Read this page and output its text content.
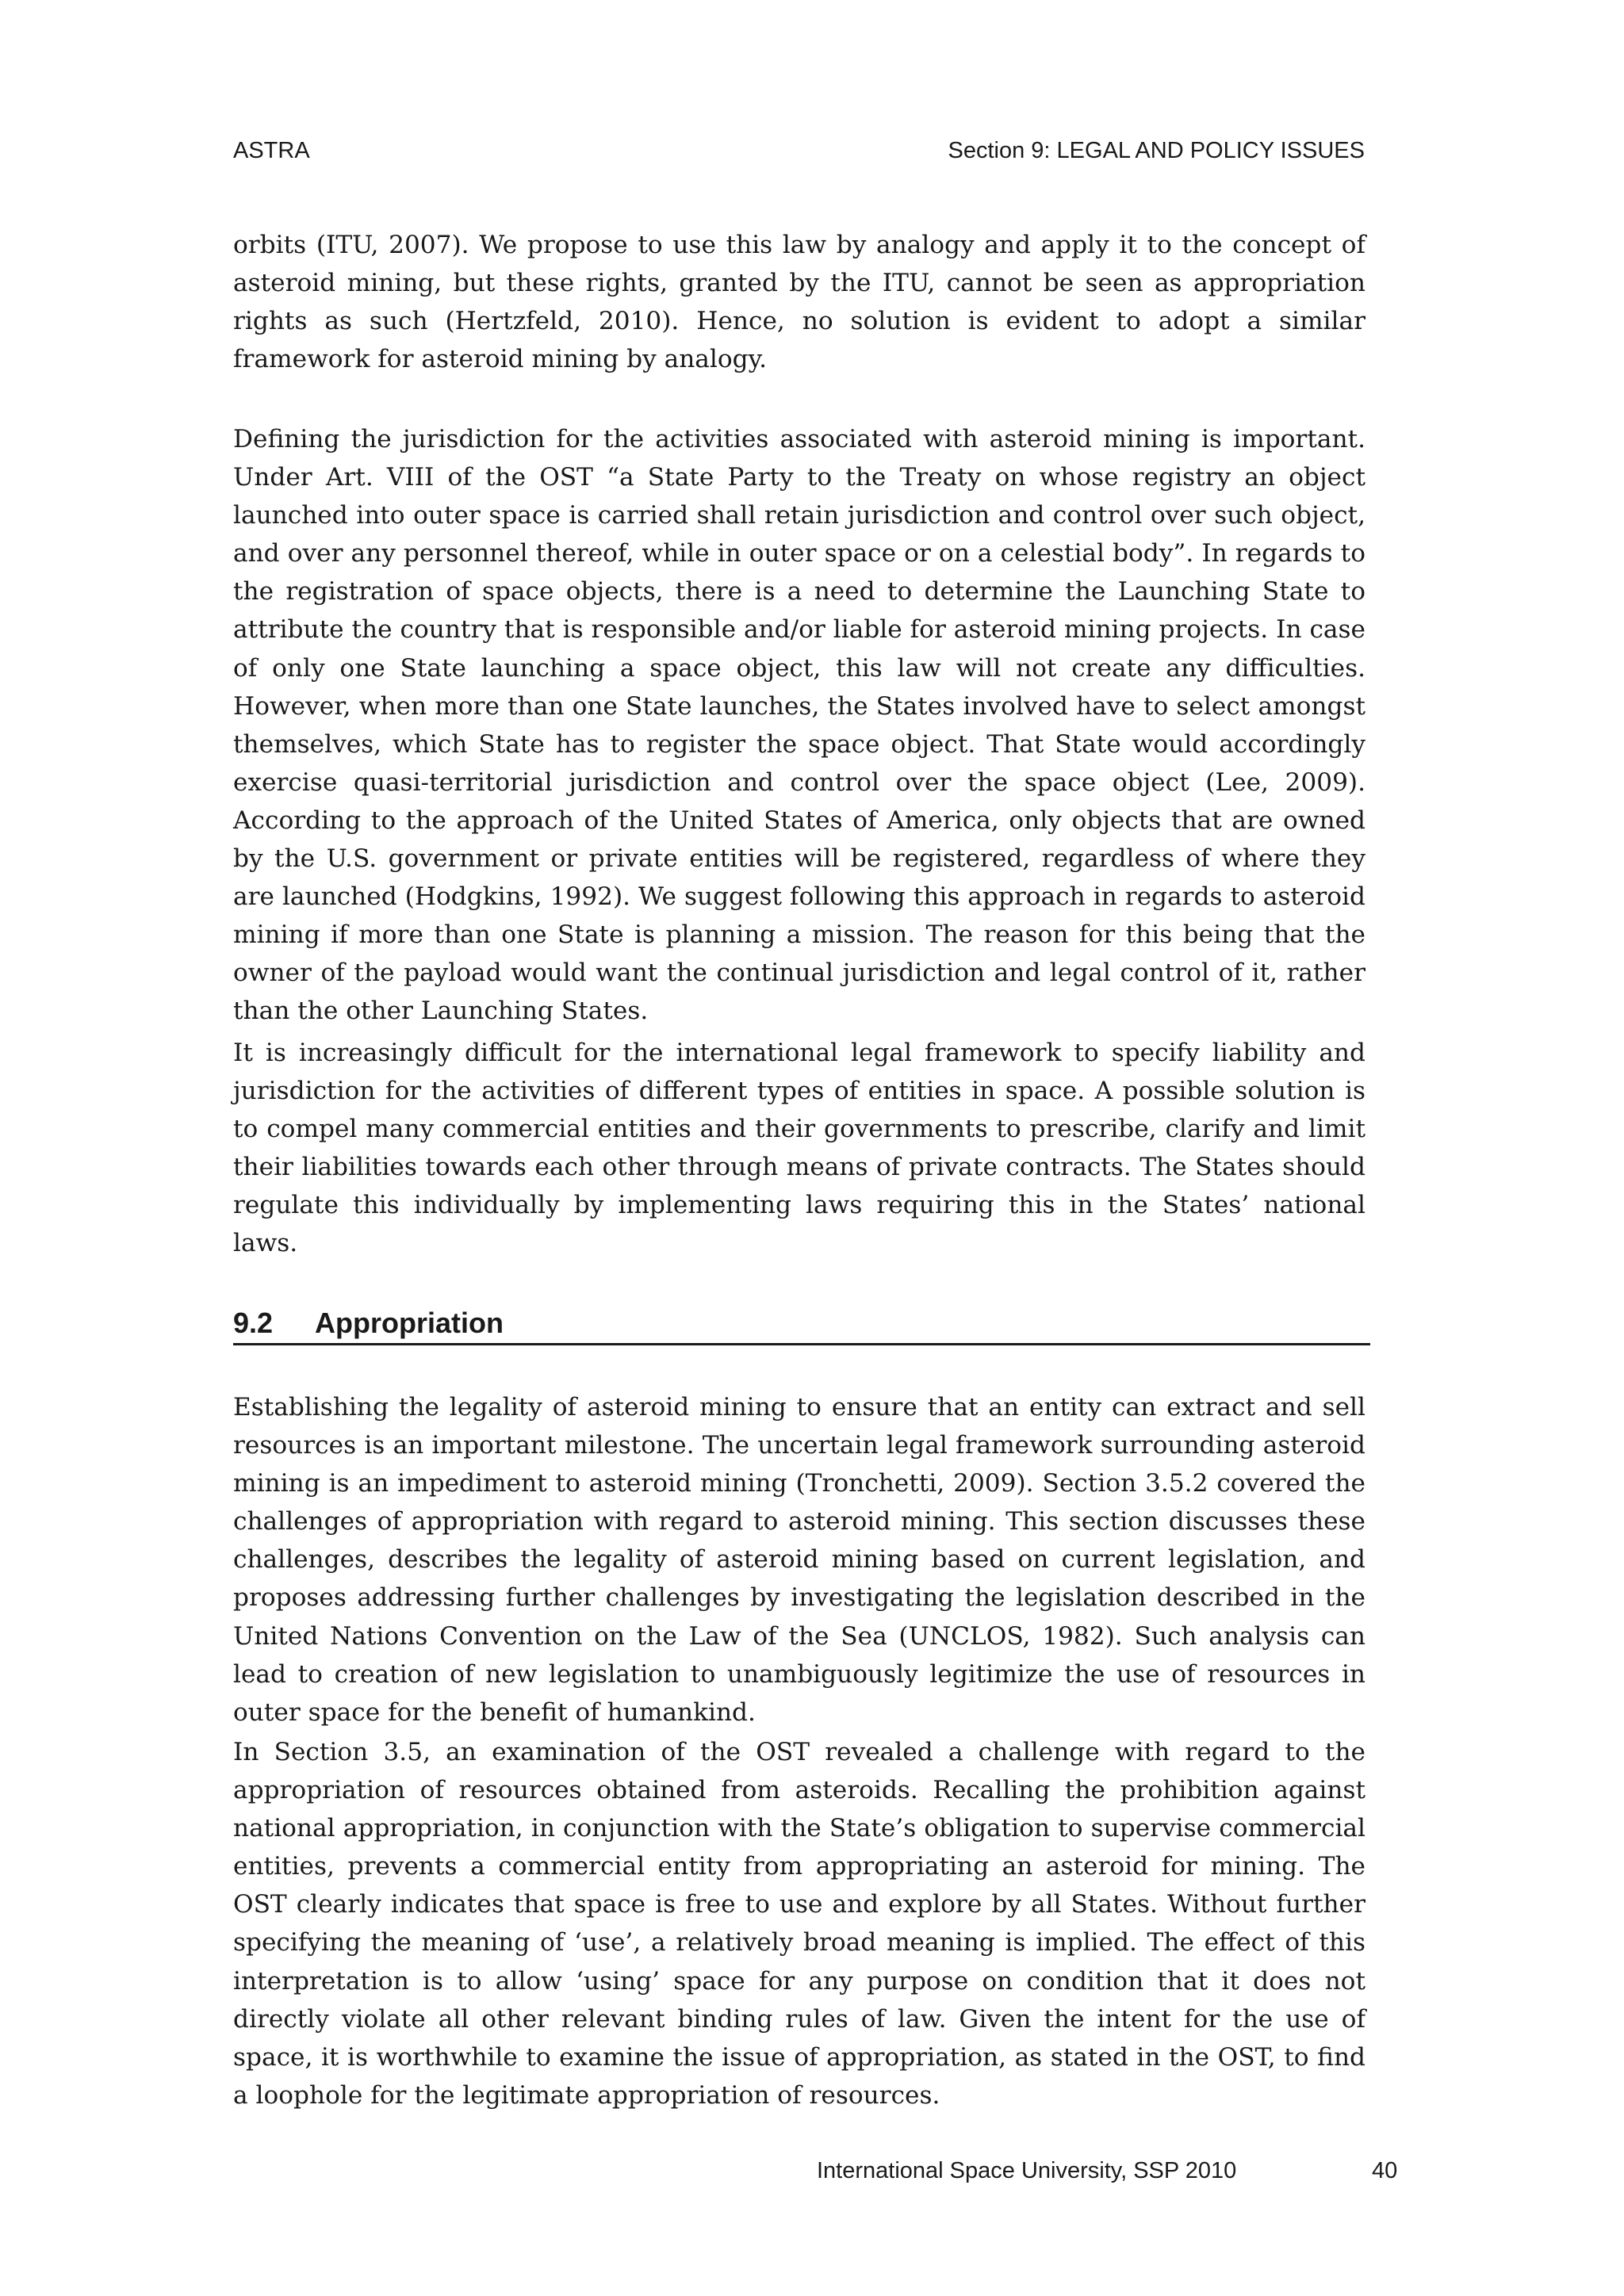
ASTRA	Section 9: LEGAL AND POLICY ISSUES

orbits (ITU, 2007). We propose to use this law by analogy and apply it to the concept of asteroid mining, but these rights, granted by the ITU, cannot be seen as appropriation rights as such (Hertzfeld, 2010). Hence, no solution is evident to adopt a similar framework for asteroid mining by analogy.

Defining the jurisdiction for the activities associated with asteroid mining is important. Under Art. VIII of the OST “a State Party to the Treaty on whose registry an object launched into outer space is carried shall retain jurisdiction and control over such object, and over any personnel thereof, while in outer space or on a celestial body”. In regards to the registration of space objects, there is a need to determine the Launching State to attribute the country that is responsible and/or liable for asteroid mining projects. In case of only one State launching a space object, this law will not create any difficulties. However, when more than one State launches, the States involved have to select amongst themselves, which State has to register the space object. That State would accordingly exercise quasi-territorial jurisdiction and control over the space object (Lee, 2009). According to the approach of the United States of America, only objects that are owned by the U.S. government or private entities will be registered, regardless of where they are launched (Hodgkins, 1992). We suggest following this approach in regards to asteroid mining if more than one State is planning a mission. The reason for this being that the owner of the payload would want the continual jurisdiction and legal control of it, rather than the other Launching States.

It is increasingly difficult for the international legal framework to specify liability and jurisdiction for the activities of different types of entities in space. A possible solution is to compel many commercial entities and their governments to prescribe, clarify and limit their liabilities towards each other through means of private contracts. The States should regulate this individually by implementing laws requiring this in the States’ national laws.

9.2 Appropriation

Establishing the legality of asteroid mining to ensure that an entity can extract and sell resources is an important milestone. The uncertain legal framework surrounding asteroid mining is an impediment to asteroid mining (Tronchetti, 2009). Section 3.5.2 covered the challenges of appropriation with regard to asteroid mining. This section discusses these challenges, describes the legality of asteroid mining based on current legislation, and proposes addressing further challenges by investigating the legislation described in the United Nations Convention on the Law of the Sea (UNCLOS, 1982). Such analysis can lead to creation of new legislation to unambiguously legitimize the use of resources in outer space for the benefit of humankind.

In Section 3.5, an examination of the OST revealed a challenge with regard to the appropriation of resources obtained from asteroids. Recalling the prohibition against national appropriation, in conjunction with the State’s obligation to supervise commercial entities, prevents a commercial entity from appropriating an asteroid for mining. The OST clearly indicates that space is free to use and explore by all States. Without further specifying the meaning of ‘use’, a relatively broad meaning is implied. The effect of this interpretation is to allow ‘using’ space for any purpose on condition that it does not directly violate all other relevant binding rules of law. Given the intent for the use of space, it is worthwhile to examine the issue of appropriation, as stated in the OST, to find a loophole for the legitimate appropriation of resources.

International Space University, SSP 2010	40
